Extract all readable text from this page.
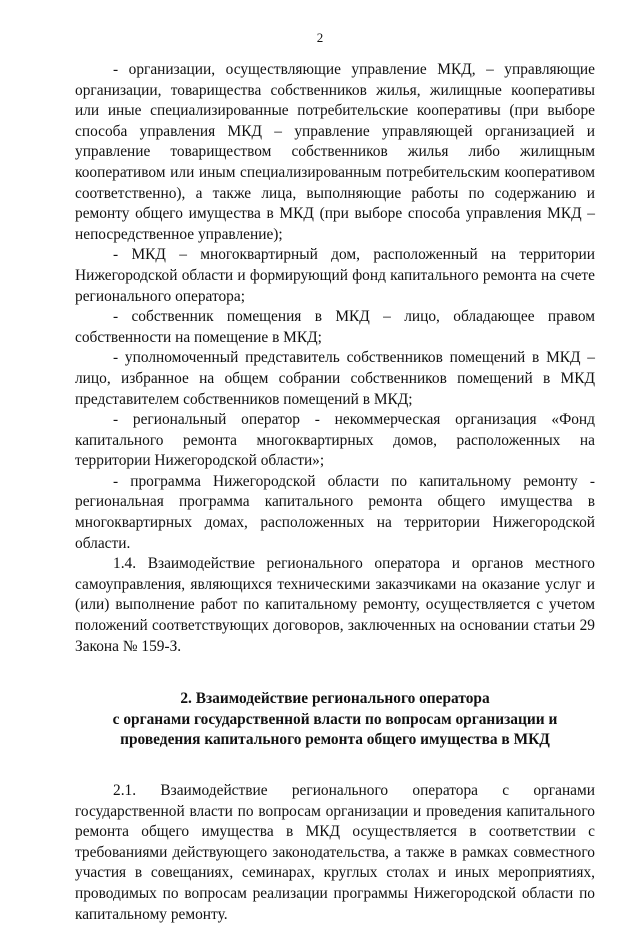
2

- организации, осуществляющие управление МКД, – управляющие организации, товарищества собственников жилья, жилищные кооперативы или иные специализированные потребительские кооперативы (при выборе способа управления МКД – управление управляющей организацией и управление товариществом собственников жилья либо жилищным кооперативом или иным специализированным потребительским кооперативом соответственно), а также лица, выполняющие работы по содержанию и ремонту общего имущества в МКД (при выборе способа управления МКД – непосредственное управление);

- МКД – многоквартирный дом, расположенный на территории Нижегородской области и формирующий фонд капитального ремонта на счете регионального оператора;

- собственник помещения в МКД – лицо, обладающее правом собственности на помещение в МКД;

- уполномоченный представитель собственников помещений в МКД – лицо, избранное на общем собрании собственников помещений в МКД представителем собственников помещений в МКД;

- региональный оператор - некоммерческая организация «Фонд капитального ремонта многоквартирных домов, расположенных на территории Нижегородской области»;

- программа Нижегородской области по капитальному ремонту - региональная программа капитального ремонта общего имущества в многоквартирных домах, расположенных на территории Нижегородской области.

1.4. Взаимодействие регионального оператора и органов местного самоуправления, являющихся техническими заказчиками на оказание услуг и (или) выполнение работ по капитальному ремонту, осуществляется с учетом положений соответствующих договоров, заключенных на основании статьи 29 Закона № 159-З.

2. Взаимодействие регионального оператора

с органами государственной власти по вопросам организации и

проведения капитального ремонта общего имущества в МКД

2.1. Взаимодействие регионального оператора с органами государственной власти по вопросам организации и проведения капитального ремонта общего имущества в МКД осуществляется в соответствии с требованиями действующего законодательства, а также в рамках совместного участия в совещаниях, семинарах, круглых столах и иных мероприятиях, проводимых по вопросам реализации программы Нижегородской области по капитальному ремонту.
